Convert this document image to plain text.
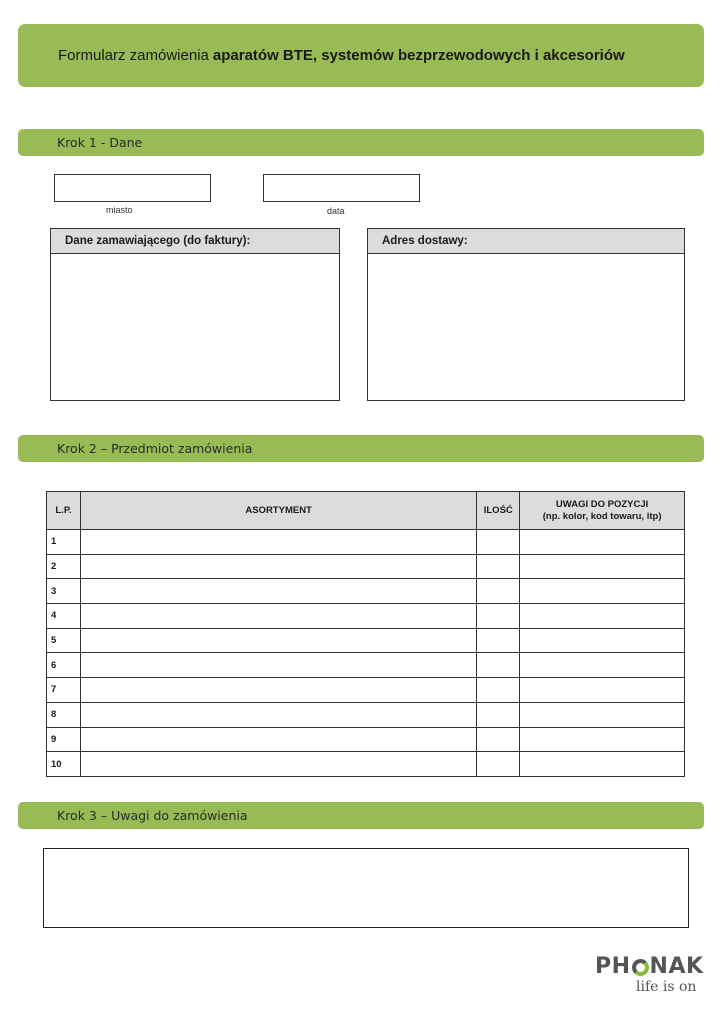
Formularz zamówienia aparatów BTE, systemów bezprzewodowych i akcesoriów
Krok 1 - Dane
miasto	data
Dane zamawiającego (do faktury):	Adres dostawy:
Krok 2 – Przedmiot zamówienia
L.P.	ASORTYMENT	ILOŚĆ	UWAGI DO POZYCJI
(np. kolor, kod towaru, itp)
1			
2			
3			
4			
5			
6			
7			
8			
9			
10			
Krok 3 – Uwagi do zamówienia
PH NAK
life is on
